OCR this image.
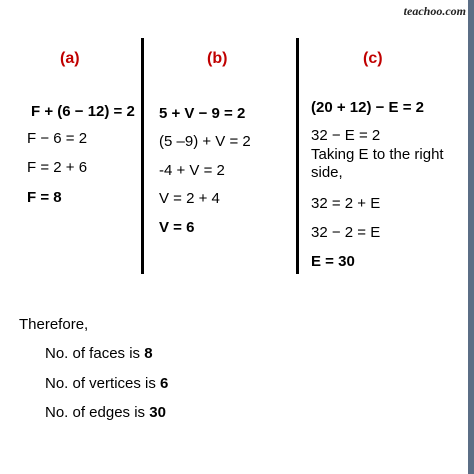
teachoo.com
(a)
F + (6 − 12) = 2
F − 6 = 2
F = 2 + 6
F = 8
(b)
5 + V − 9 = 2
(5 –9) + V = 2
-4 + V = 2
V = 2 + 4
V = 6
(c)
(20 + 12) − E = 2
32 − E = 2
Taking E to the right side,
32 = 2 + E
32 − 2 = E
E = 30
Therefore,
No. of faces is 8
No. of vertices is 6
No. of edges is 30
